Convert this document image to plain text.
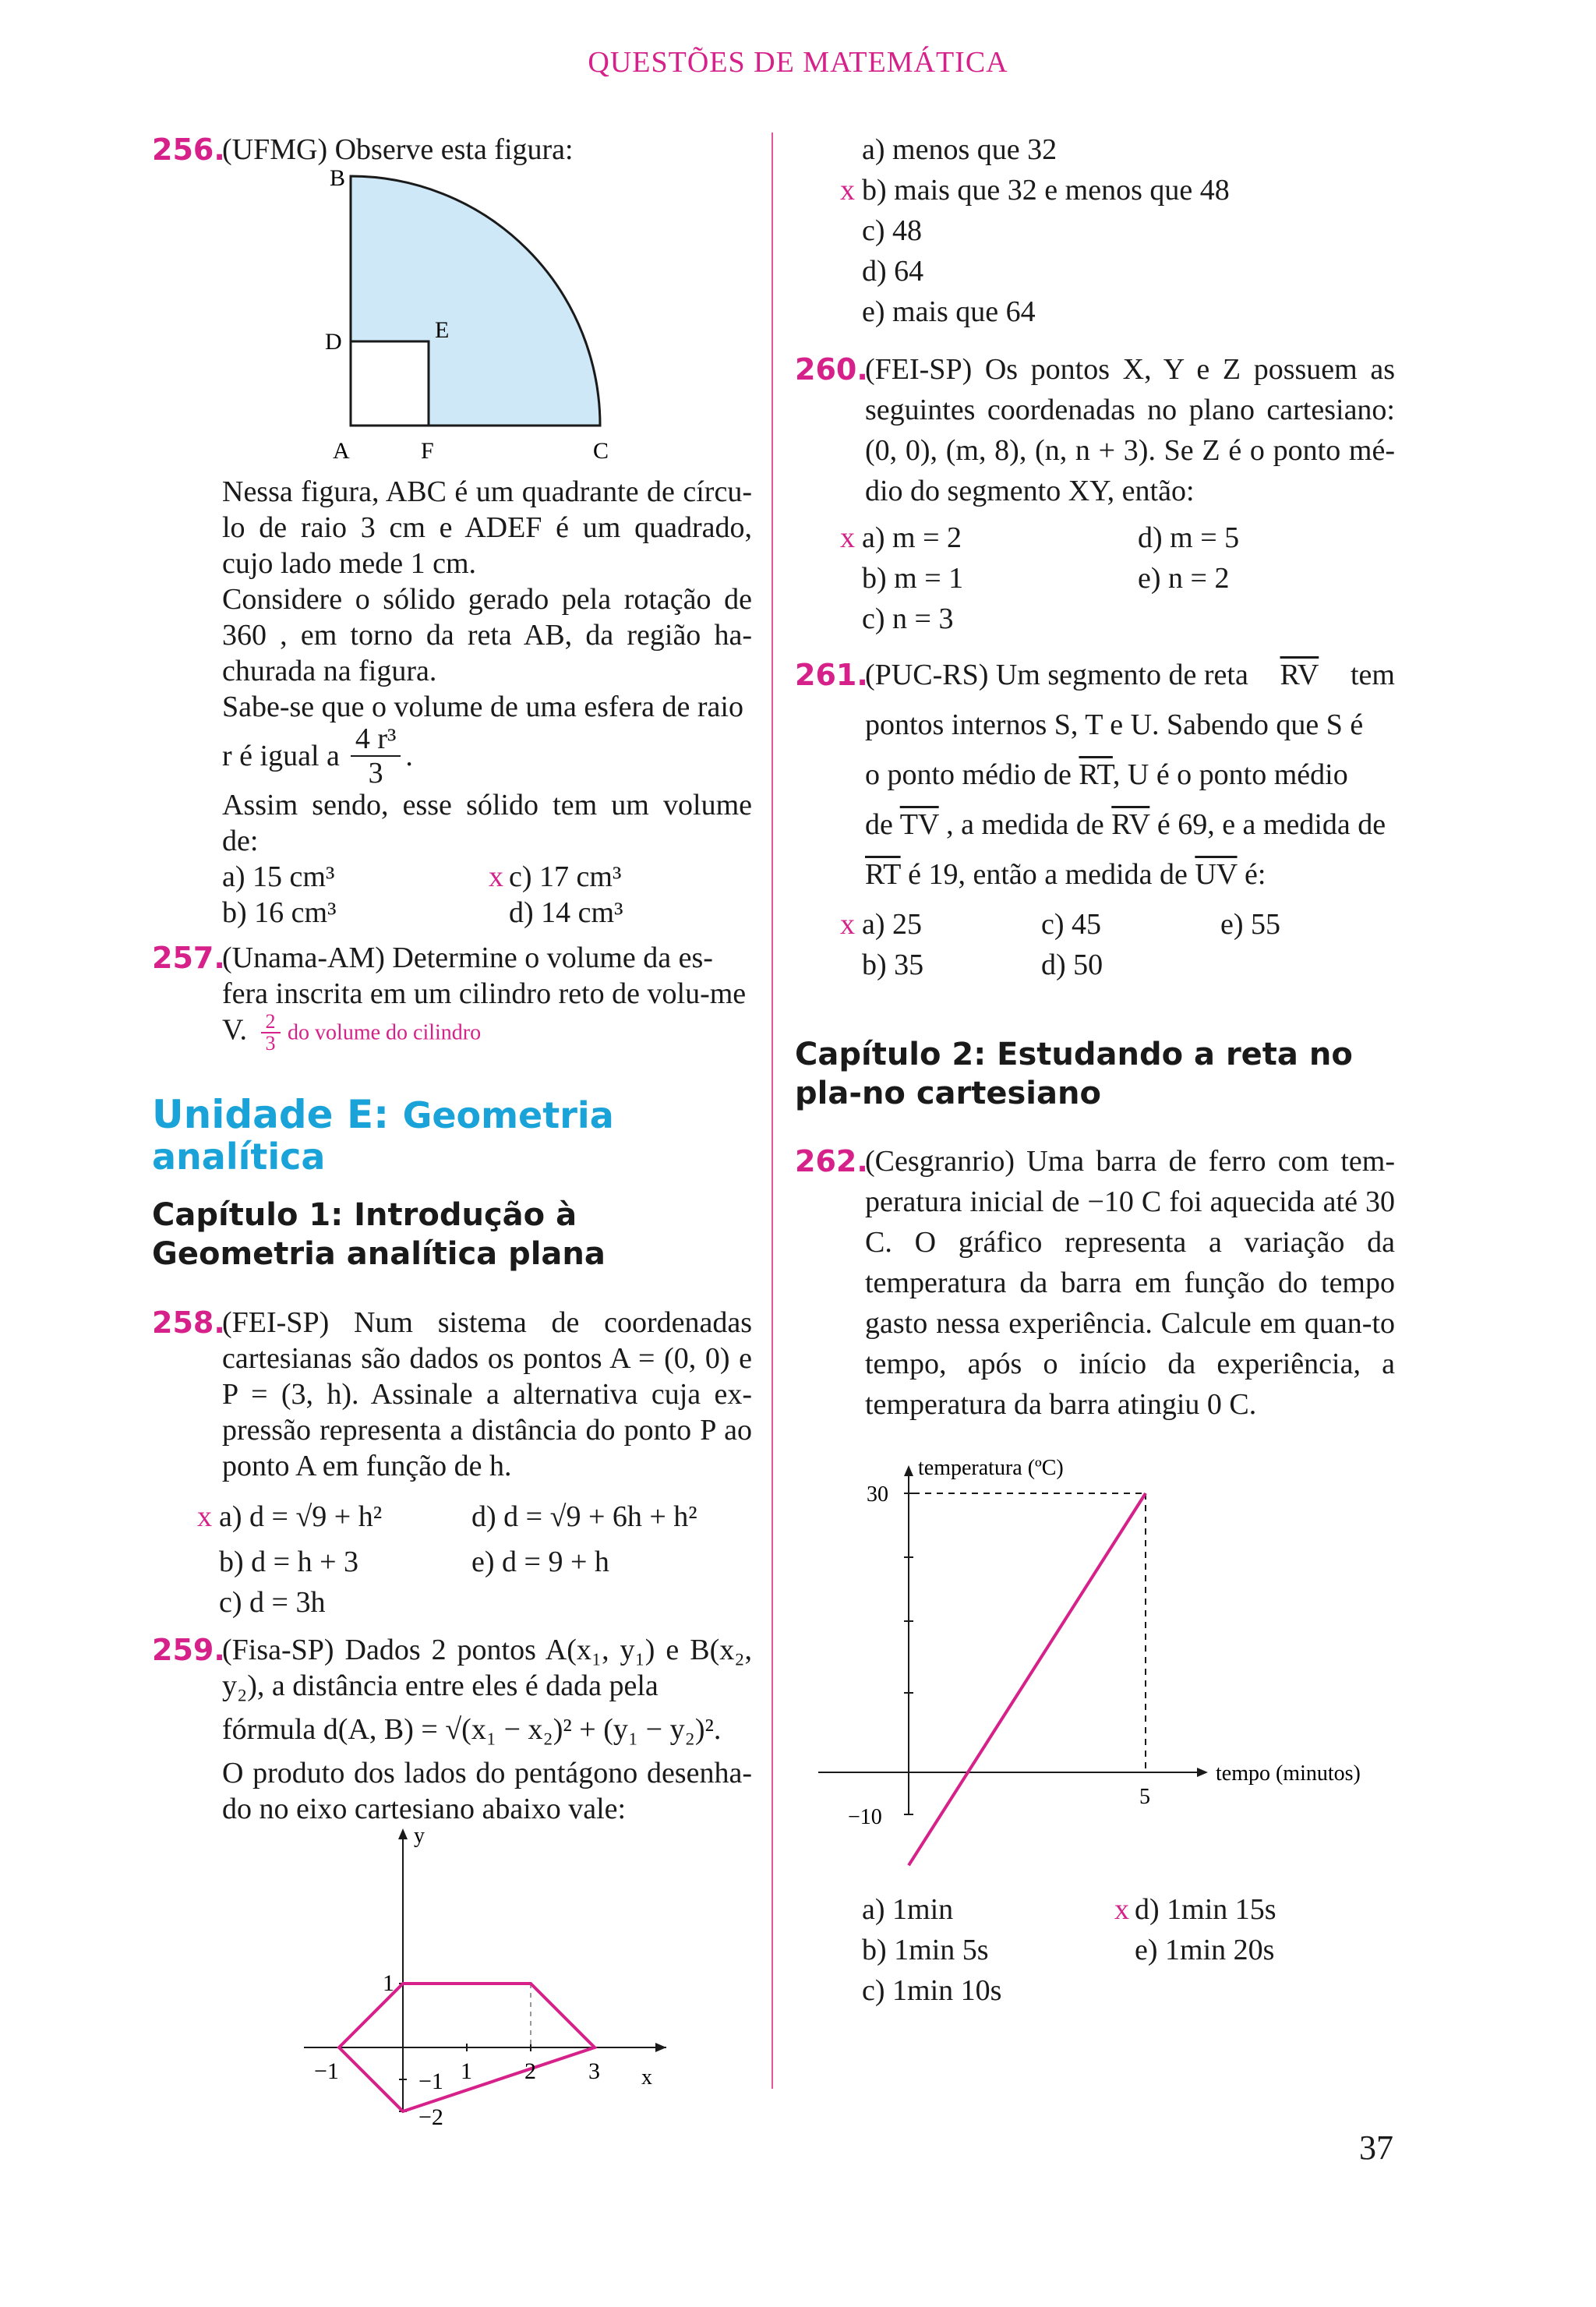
QUESTÕES DE MATEMÁTICA
256.
(UFMG) Observe esta figura:
B
D	E
A	F	C
Nessa figura, ABC é um quadrante de círcu-lo de raio 3 cm e ADEF é um quadrado, cujo lado mede 1 cm.
Considere o sólido gerado pela rotação de 360 , em torno da reta AB, da região ha-churada na figura.
Sabe-se que o volume de uma esfera de raio
r é igual a $\frac{\text{4 r³}}{3}$ .
Assim sendo, esse sólido tem um volume de:
a) 15 cm³	x c) 17 cm³
b) 16 cm³	d) 14 cm³
257.
(Unama-AM) Determine o volume da es-fera inscrita em um cilindro reto de volu-me V. $\frac{2}{3}$ do volume do cilindro
Unidade E: Geometria analítica
Capítulo 1: Introdução à Geometria analítica plana
258.
(FEI-SP) Num sistema de coordenadas cartesianas são dados os pontos A = (0, 0) e P = (3, h). Assinale a alternativa cuja ex-pressão representa a distância do ponto P ao ponto A em função de h.
x a) d = √9 + h²	d) d = √9 + 6h + h²
b) d = h + 3	e) d = 9 + h
c) d = 3h
259.
(Fisa-SP) Dados 2 pontos A(x₁, y₁) e B(x₂, y₂), a distância entre eles é dada pela
fórmula d(A, B) = √(x₁ − x₂)² + (y₁ − y₂)².
O produto dos lados do pentágono desenha-do no eixo cartesiano abaixo vale:
y
x
−1	1 2 3
1
−1
−2
a) menos que 32
x b) mais que 32 e menos que 48
c) 48
d) 64
e) mais que 64
260.
(FEI-SP) Os pontos X, Y e Z possuem as seguintes coordenadas no plano cartesiano: (0, 0), (m, 8), (n, n + 3). Se Z é o ponto mé-dio do segmento XY, então:
x a) m = 2	d) m = 5
b) m = 1	e) n = 2
c) n = 3
261.
(PUC-RS) Um segmento de reta $\overline{RV}$ tem
pontos internos S, T e U. Sabendo que S é
o ponto médio de $\overline{RT}$, U é o ponto médio
de $\overline{TV}$ , a medida de $\overline{RV}$ é 69, e a medida de
$\overline{RT}$ é 19, então a medida de $\overline{UV}$ é:
x a) 25	c) 45	e) 55
b) 35	d) 50
Capítulo 2: Estudando a reta no pla-no cartesiano
262.
(Cesgranrio) Uma barra de ferro com tem-peratura inicial de −10 C foi aquecida até 30 C. O gráfico representa a variação da temperatura da barra em função do tempo gasto nessa experiência. Calcule em quan-to tempo, após o início da experiência, a temperatura da barra atingiu 0 C.
temperatura (ºC)
tempo (minutos)
30
−10
5
a) 1min	x d) 1min 15s
b) 1min 5s	e) 1min 20s
c) 1min 10s
37
